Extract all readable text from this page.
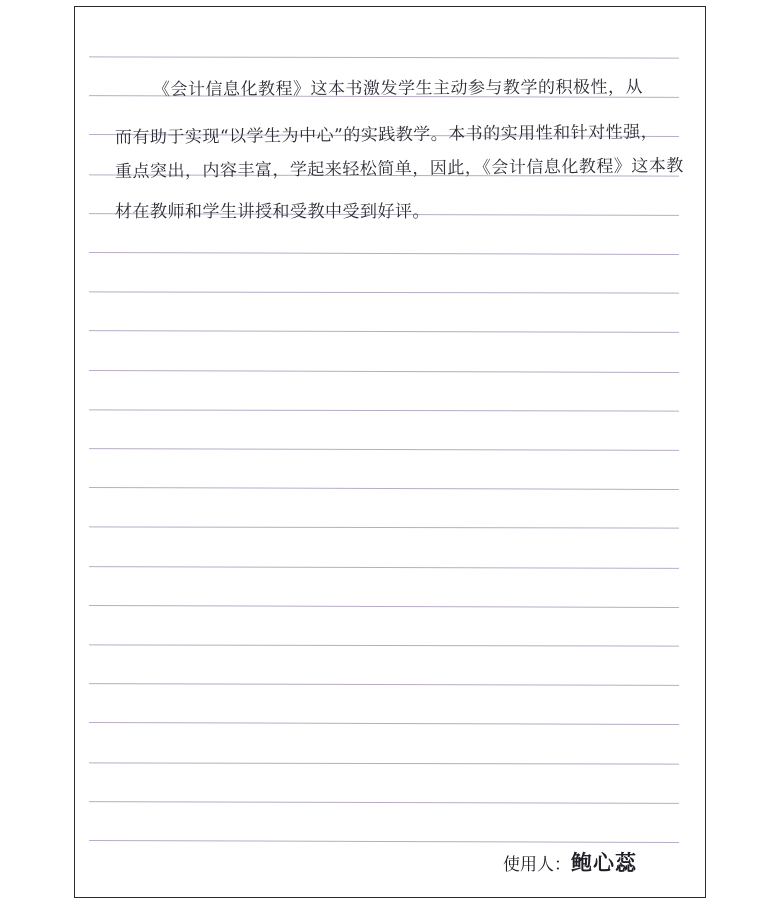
《会计信息化教程》这本书激发学生主动参与教学的积极性，从
而有助于实现“以学生为中心”的实践教学。本书的实用性和针对性强，
重点突出，内容丰富，学起来轻松简单，因此，《会计信息化教程》这本教
材在教师和学生讲授和受教中受到好评。
使用人：鲍心蕊
